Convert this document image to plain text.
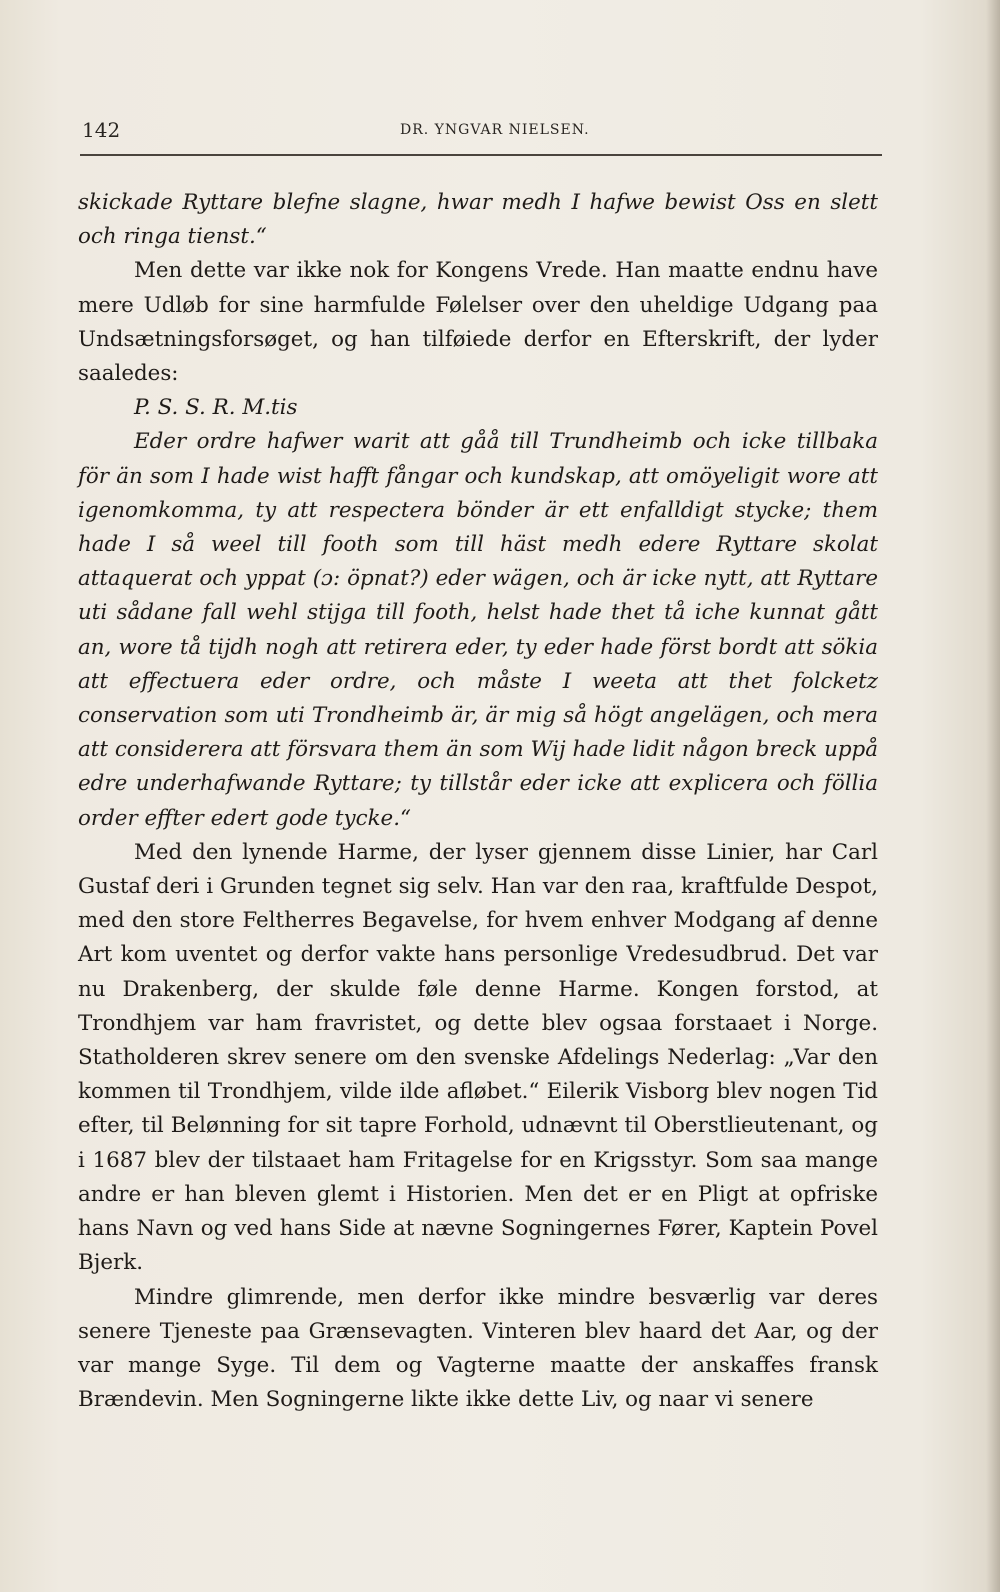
142	DR. YNGVAR NIELSEN.

skickade Ryttare blefne slagne, hwar medh I hafwe bewist Oss en slett och ringa tienst.“

Men dette var ikke nok for Kongens Vrede. Han maatte endnu have mere Udløb for sine harmfulde Følelser over den uheldige Udgang paa Undsætningsforsøget, og han tilføiede derfor en Efterskrift, der lyder saaledes:

P. S. S. R. M.tis

Eder ordre hafwer warit att gåå till Trundheimb och icke tillbaka för än som I hade wist hafft fångar och kundskap, att omöyeligit wore att igenomkomma, ty att respectera bönder är ett enfalldigt stycke; them hade I så weel till footh som till häst medh edere Ryttare skolat attaquerat och yppat (ɔ: öpnat?) eder wägen, och är icke nytt, att Ryttare uti sådane fall wehl stijga till footh, helst hade thet tå iche kunnat gått an, wore tå tijdh nogh att retirera eder, ty eder hade först bordt att sökia att effectuera eder ordre, och måste I weeta att thet folcketz conservation som uti Trondheimb är, är mig så högt angelägen, och mera att considerera att försvara them än som Wij hade lidit någon breck uppå edre underhafwande Ryttare; ty tillstår eder icke att explicera och föllia order effter edert gode tycke.“

Med den lynende Harme, der lyser gjennem disse Linier, har Carl Gustaf deri i Grunden tegnet sig selv. Han var den raa, kraftfulde Despot, med den store Feltherres Begavelse, for hvem enhver Modgang af denne Art kom uventet og derfor vakte hans personlige Vredesudbrud. Det var nu Drakenberg, der skulde føle denne Harme. Kongen forstod, at Trondhjem var ham fravristet, og dette blev ogsaa forstaaet i Norge. Statholderen skrev senere om den svenske Afdelings Nederlag: „Var den kommen til Trondhjem, vilde ilde afløbet.“ Eilerik Visborg blev nogen Tid efter, til Belønning for sit tapre Forhold, udnævnt til Oberstlieutenant, og i 1687 blev der tilstaaet ham Fritagelse for en Krigsstyr. Som saa mange andre er han bleven glemt i Historien. Men det er en Pligt at opfriske hans Navn og ved hans Side at nævne Sogningernes Fører, Kaptein Povel Bjerk.

Mindre glimrende, men derfor ikke mindre besværlig var deres senere Tjeneste paa Grænsevagten. Vinteren blev haard det Aar, og der var mange Syge. Til dem og Vagterne maatte der anskaffes fransk Brændevin. Men Sogningerne likte ikke dette Liv, og naar vi senere
